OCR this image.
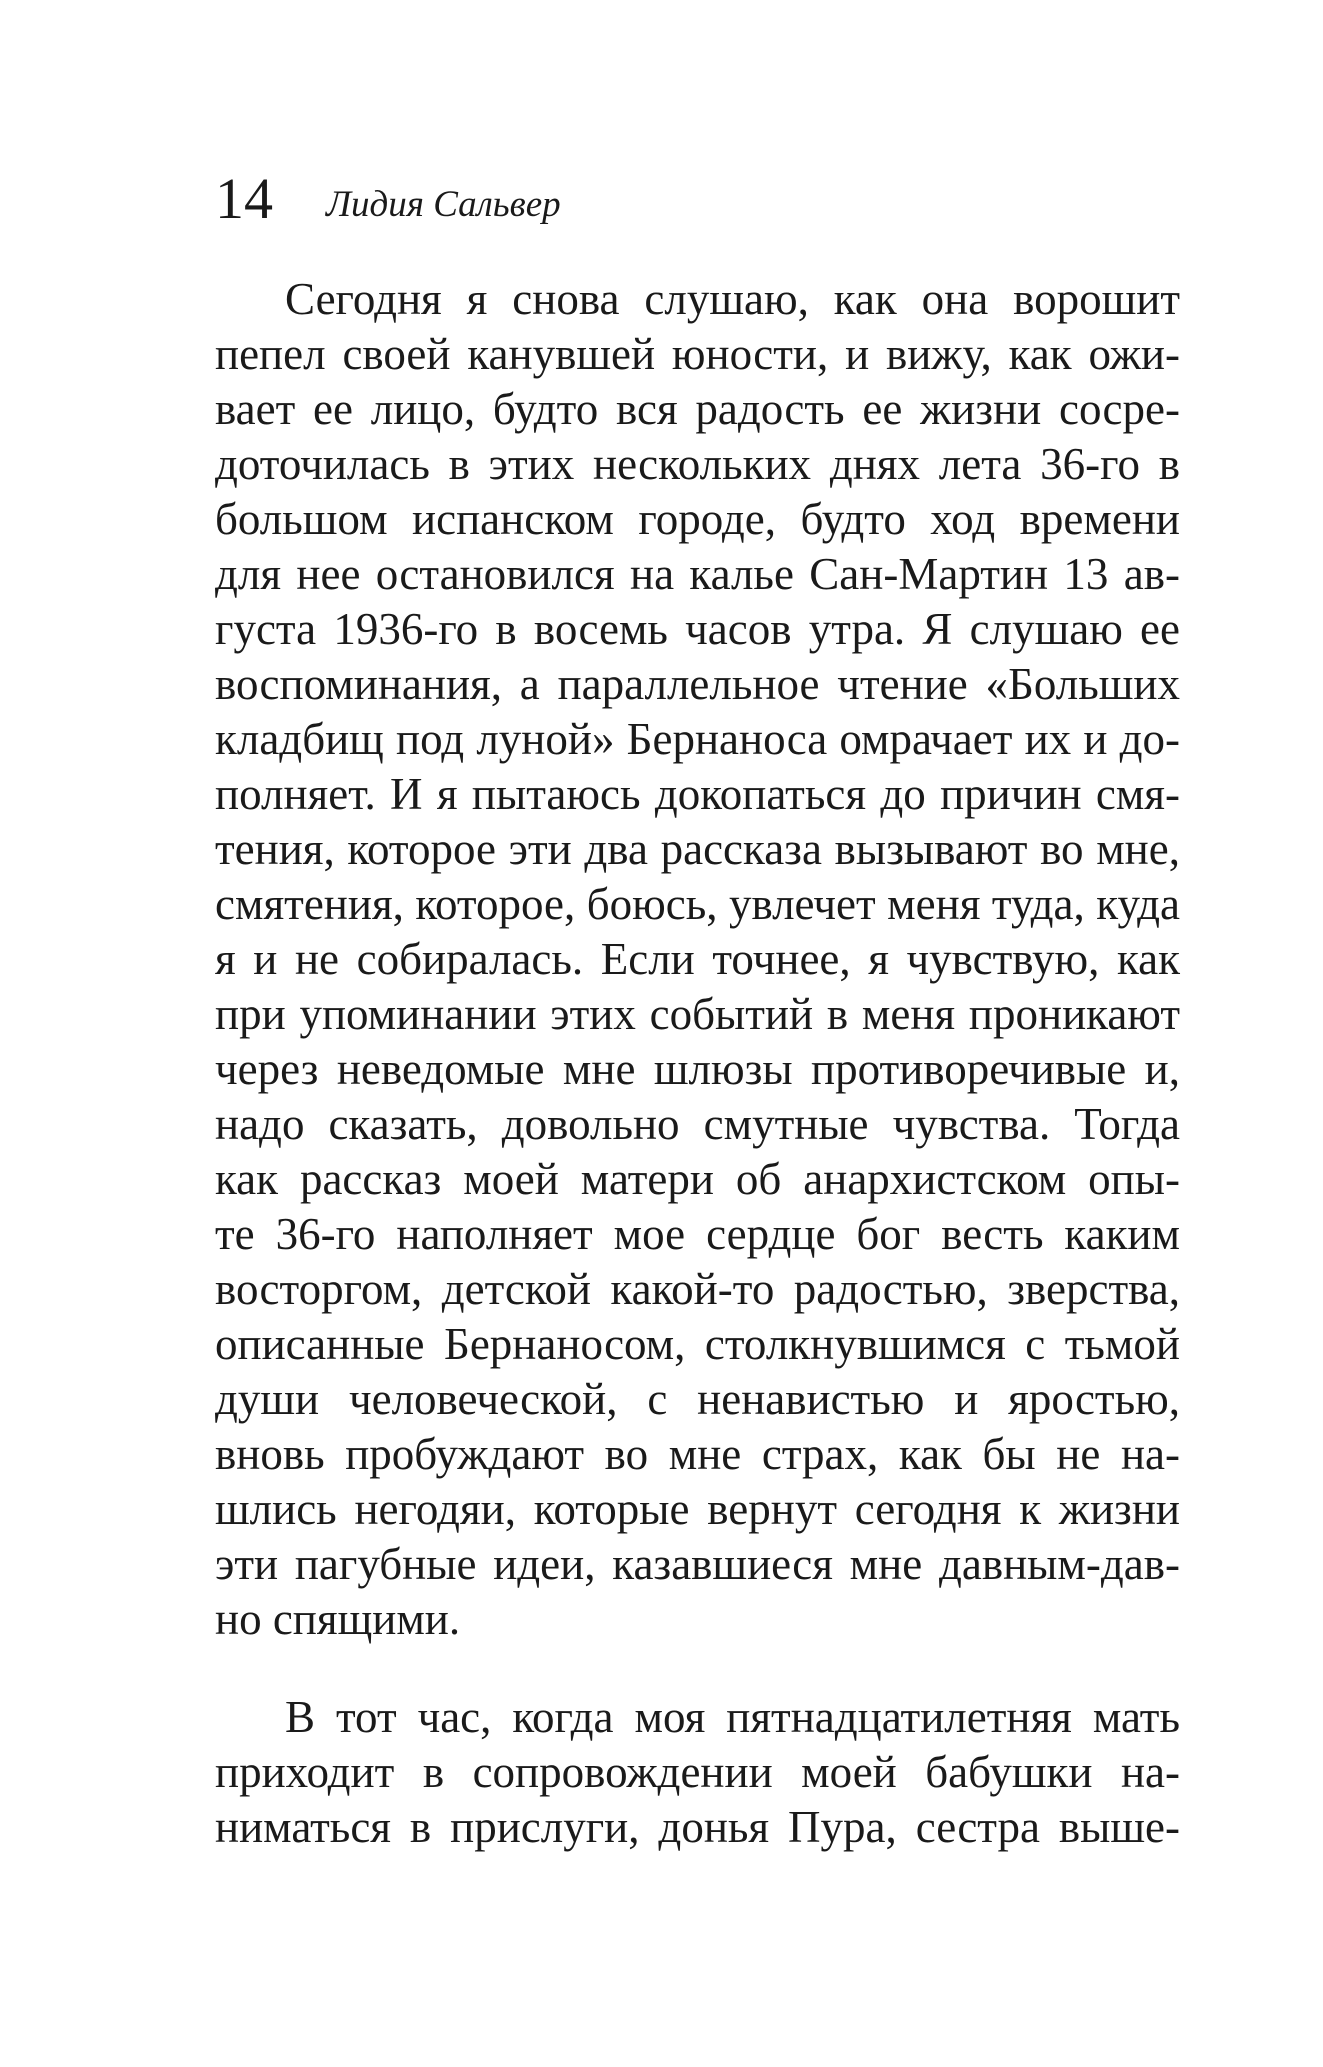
14 Лидия Сальвер
Сегодня я снова слушаю, как она ворошит
пепел своей канувшей юности, и вижу, как ожи-
вает ее лицо, будто вся радость ее жизни сосре-
доточилась в этих нескольких днях лета 36-го в
большом испанском городе, будто ход времени
для нее остановился на калье Сан-Мартин 13 ав-
густа 1936-го в восемь часов утра. Я слушаю ее
воспоминания, а параллельное чтение «Больших
кладбищ под луной» Бернаноса омрачает их и до-
полняет. И я пытаюсь докопаться до причин смя-
тения, которое эти два рассказа вызывают во мне,
смятения, которое, боюсь, увлечет меня туда, куда
я и не собиралась. Если точнее, я чувствую, как
при упоминании этих событий в меня проникают
через неведомые мне шлюзы противоречивые и,
надо сказать, довольно смутные чувства. Тогда
как рассказ моей матери об анархистском опы-
те 36-го наполняет мое сердце бог весть каким
восторгом, детской какой-то радостью, зверства,
описанные Бернаносом, столкнувшимся с тьмой
души человеческой, с ненавистью и яростью,
вновь пробуждают во мне страх, как бы не на-
шлись негодяи, которые вернут сегодня к жизни
эти пагубные идеи, казавшиеся мне давным-дав-
но спящими.
В тот час, когда моя пятнадцатилетняя мать
приходит в сопровождении моей бабушки на-
ниматься в прислуги, донья Пура, сестра выше-
